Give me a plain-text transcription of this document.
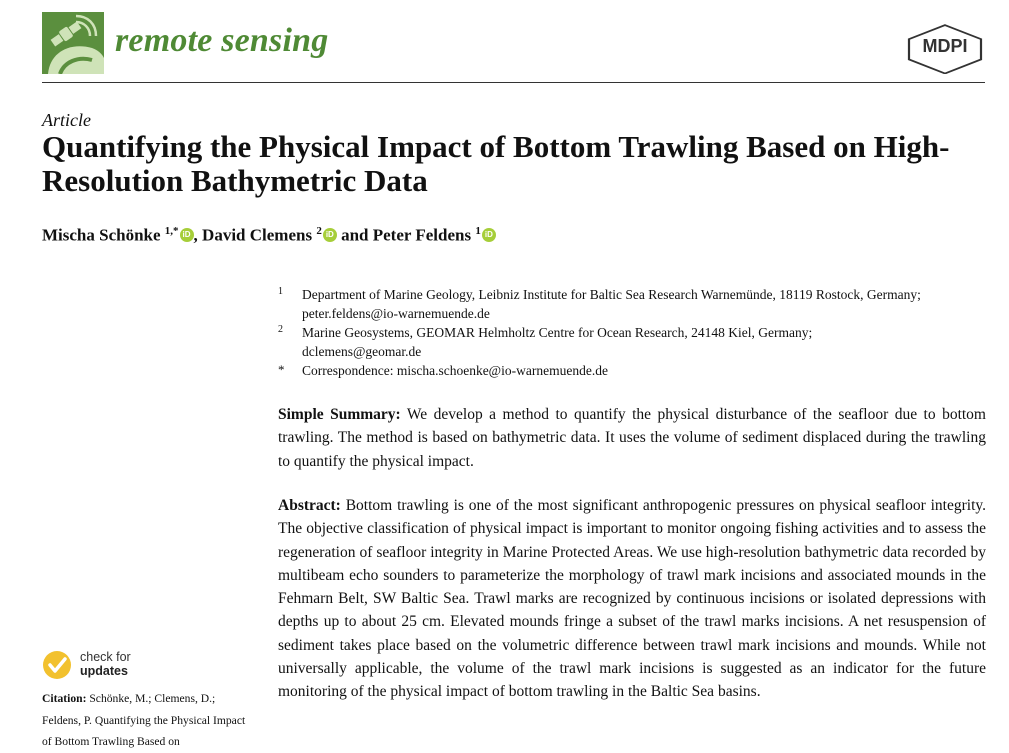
remote sensing	MDPI
Article
Quantifying the Physical Impact of Bottom Trawling Based on High-Resolution Bathymetric Data
Mischa Schönke $^{1,*}$ iD , David Clemens $^2$ iD and Peter Feldens $^1$ iD
1 Department of Marine Geology, Leibniz Institute for Baltic Sea Research Warnemünde, 18119 Rostock, Germany; peter.feldens@io-warnemuende.de
2 Marine Geosystems, GEOMAR Helmholtz Centre for Ocean Research, 24148 Kiel, Germany; dclemens@geomar.de
* Correspondence: mischa.schoenke@io-warnemuende.de
Simple Summary: We develop a method to quantify the physical disturbance of the seafloor due to bottom trawling. The method is based on bathymetric data. It uses the volume of sediment displaced during the trawling to quantify the physical impact.
Abstract: Bottom trawling is one of the most significant anthropogenic pressures on physical seafloor integrity. The objective classification of physical impact is important to monitor ongoing fishing activities and to assess the regeneration of seafloor integrity in Marine Protected Areas. We use high-resolution bathymetric data recorded by multibeam echo sounders to parameterize the morphology of trawl mark incisions and associated mounds in the Fehmarn Belt, SW Baltic Sea. Trawl marks are recognized by continuous incisions or isolated depressions with depths up to about 25 cm. Elevated mounds fringe a subset of the trawl marks incisions. A net resuspension of sediment takes place based on the volumetric difference between trawl mark incisions and mounds. While not universally applicable, the volume of the trawl mark incisions is suggested as an indicator for the future monitoring of the physical impact of bottom trawling in the Baltic Sea basins.
check for
updates
Citation: Schönke, M.; Clemens, D.; Feldens, P. Quantifying the Physical Impact of Bottom Trawling Based on
